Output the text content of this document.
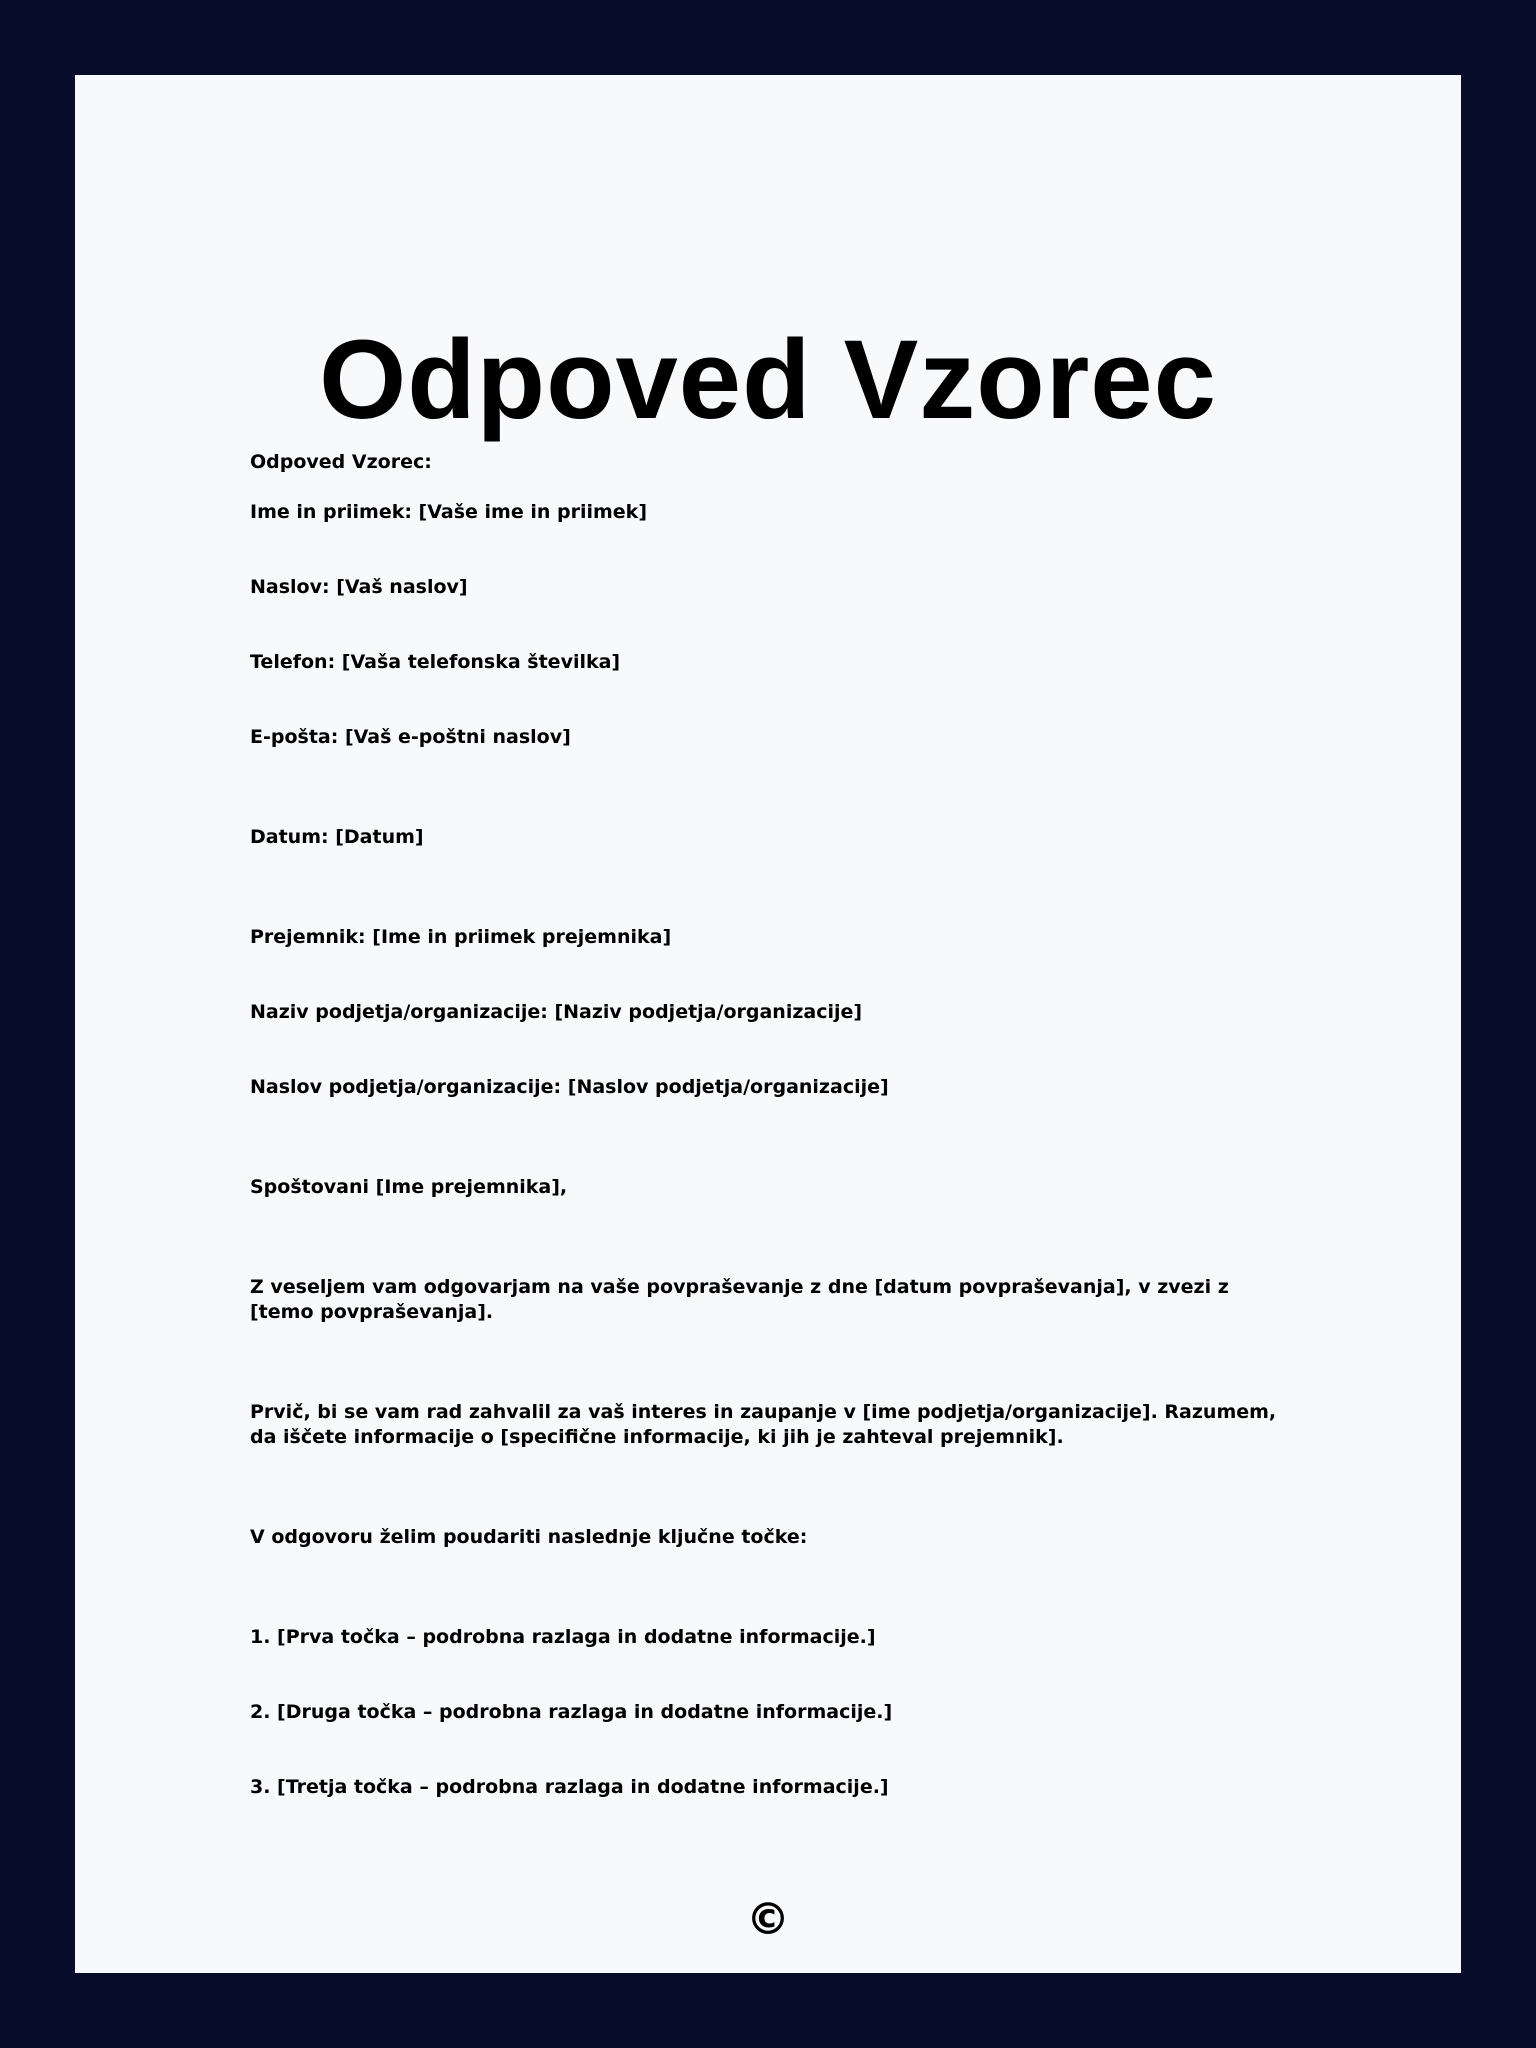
Odpoved Vzorec

Odpoved Vzorec:

Ime in priimek: [Vaše ime in priimek]

Naslov: [Vaš naslov]

Telefon: [Vaša telefonska številka]

E-pošta: [Vaš e-poštni naslov]

Datum: [Datum]

Prejemnik: [Ime in priimek prejemnika]

Naziv podjetja/organizacije: [Naziv podjetja/organizacije]

Naslov podjetja/organizacije: [Naslov podjetja/organizacije]

Spoštovani [Ime prejemnika],

Z veseljem vam odgovarjam na vaše povpraševanje z dne [datum povpraševanja], v zvezi z [temo povpraševanja].

Prvič, bi se vam rad zahvalil za vaš interes in zaupanje v [ime podjetja/organizacije]. Razumem, da iščete informacije o [specifične informacije, ki jih je zahteval prejemnik].

V odgovoru želim poudariti naslednje ključne točke:

1. [Prva točka – podrobna razlaga in dodatne informacije.]

2. [Druga točka – podrobna razlaga in dodatne informacije.]

3. [Tretja točka – podrobna razlaga in dodatne informacije.]

©
